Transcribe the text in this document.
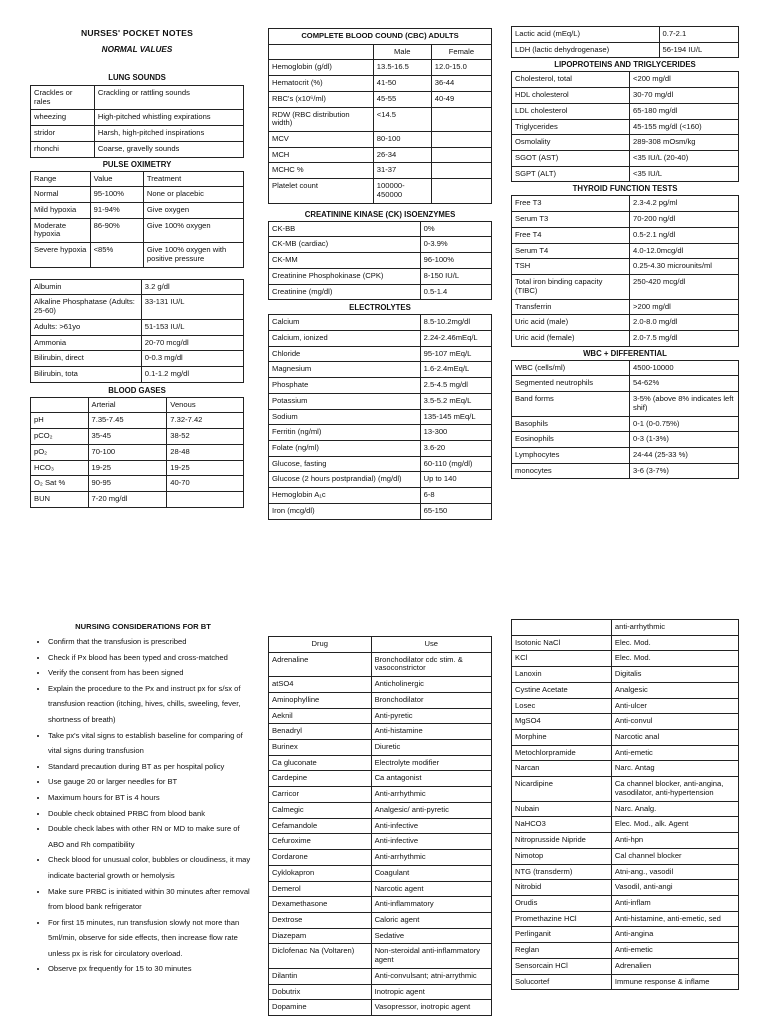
NURSES' POCKET NOTES
NORMAL VALUES
LUNG SOUNDS
Crackles or rales	Crackling or rattling sounds
wheezing	High-pitched whistling expirations
stridor	Harsh, high-pitched inspirations
rhonchi	Coarse, gravelly sounds
PULSE OXIMETRY
Range	Value	Treatment
Normal	95-100%	None or placebic
Mild hypoxia	91-94%	Give oxygen
Moderate hypoxia	86-90%	Give 100% oxygen
Severe hypoxia	<85%	Give 100% oxygen with positive pressure
Albumin	3.2 g/dl
Alkaline Phosphatase (Adults: 25-60)	33-131 IU/L
Adults: >61yo	51-153 IU/L
Ammonia	20-70 mcg/dl
Bilirubin, direct	0-0.3 mg/dl
Bilirubin, tota	0.1-1.2 mg/dl
BLOOD GASES
	Arterial	Venous
pH	7.35-7.45	7.32-7.42
pCO₂	35-45	38-52
pO₂	70-100	28-48
HCO₃	19-25	19-25
O₂ Sat %	90-95	40-70
BUN	7-20 mg/dl	
COMPLETE BLOOD COUND (CBC) ADULTS		
	Male	Female
Hemoglobin (g/dl)	13.5-16.5	12.0-15.0
Hematocrit (%)	41-50	36-44
RBC's (x10⁶/ml)	45-55	40-49
RDW (RBC distribution width)	<14.5	
MCV	80-100	
MCH	26-34	
MCHC %	31-37	
Platelet count	100000-450000	
CREATININE KINASE (CK) ISOENZYMES
CK-BB	0%
CK-MB (cardiac)	0-3.9%
CK-MM	96-100%
Creatinine Phosphokinase (CPK)	8-150 IU/L
Creatinine (mg/dl)	0.5-1.4
ELECTROLYTES
Calcium	8.5-10.2mg/dl
Calcium, ionized	2.24-2.46mEq/L
Chloride	95-107 mEq/L
Magnesium	1.6-2.4mEq/L
Phosphate	2.5-4.5 mg/dl
Potassium	3.5-5.2 mEq/L
Sodium	135-145 mEq/L
Ferritin (ng/ml)	13-300
Folate (ng/ml)	3.6-20
Glucose, fasting	60-110 (mg/dl)
Glucose (2 hours postprandial) (mg/dl)	Up to 140
Hemoglobin A₁c	6-8
Iron (mcg/dl)	65-150
Lactic acid (mEq/L)	0.7-2.1
LDH (lactic dehydrogenase)	56-194 IU/L
LIPOPROTEINS AND TRIGLYCERIDES
Cholesterol, total	<200 mg/dl
HDL cholesterol	30-70 mg/dl
LDL cholesterol	65-180 mg/dl
Triglycerides	45-155 mg/dl (<160)
Osmolality	289-308 mOsm/kg
SGOT (AST)	<35 IU/L (20-40)
SGPT (ALT)	<35 IU/L
THYROID FUNCTION TESTS
Free T3	2.3-4.2 pg/ml
Serum T3	70-200 ng/dl
Free T4	0.5-2.1 ng/dl
Serum T4	4.0-12.0mcg/dl
TSH	0.25-4.30 microunits/ml
Total iron binding capacity (TIBC)	250-420 mcg/dl
Transferrin	>200 mg/dl
Uric acid (male)	2.0-8.0 mg/dl
Uric acid (female)	2.0-7.5 mg/dl
WBC + DIFFERENTIAL
WBC (cells/ml)	4500-10000
Segmented neutrophils	54-62%
Band forms	3-5% (above 8% indicates left shif)
Basophils	0-1 (0-0.75%)
Eosinophils	0-3 (1-3%)
Lymphocytes	24-44 (25-33 %)
monocytes	3-6 (3-7%)
NURSING CONSIDERATIONS FOR BT
• Confirm that the transfusion is prescribed
• Check if Px blood has been typed and cross-matched
• Verify the consent from has been signed
• Explain the procedure to the Px and instruct px for s/sx of transfusion reaction (itching, hives, chills, sweeling, fever, shortness of breath)
• Take px's vital signs to establish baseline for comparing of vital signs during transfusion
• Standard precaution during BT as per hospital policy
• Use gauge 20 or larger needles for BT
• Maximum hours for BT is 4 hours
• Double check obtained PRBC from blood bank
• Double check labes with other RN or MD to make sure of ABO and Rh compatibility
• Check blood for unusual color, bubbles or cloudiness, it may indicate bacterial growth or hemolysis
• Make sure PRBC is initiated within 30 minutes after removal from blood bank refrigerator
• For first 15 minutes, run transfusion slowly not more than 5ml/min, observe for side effects, then increase flow rate unless px is risk for circulatory overload.
• Observe px frequently for 15 to 30 minutes
Drug	Use
Adrenaline	Bronchodilator cdc stim. & vasoconstrictor
atSO4	Anticholinergic
Aminophylline	Bronchodilator
Aeknil	Anti-pyretic
Benadryl	Anti-histamine
Burinex	Diuretic
Ca gluconate	Electrolyte modifier
Cardepine	Ca antagonist
Carricor	Anti-arrhythmic
Calmegic	Analgesic/ anti-pyretic
Cefamandole	Anti-infective
Cefuroxime	Anti-infective
Cordarone	Anti-arrhythmic
Cyklokapron	Coagulant
Demerol	Narcotic agent
Dexamethasone	Anti-inflammatory
Dextrose	Caloric agent
Diazepam	Sedative
Diclofenac Na (Voltaren)	Non-steroidal anti-inflammatory agent
Dilantin	Anti-convulsant; atni-arrythmic
Dobutrix	Inotropic agent
Dopamine	Vasopressor, inotropic agent
	anti-arrhythmic
Isotonic NaCl	Elec. Mod.
KCl	Elec. Mod.
Lanoxin	Digitalis
Cystine Acetate	Analgesic
Losec	Anti-ulcer
MgSO4	Anti-convul
Morphine	Narcotic anal
Metochlorpramide	Anti-emetic
Narcan	Narc. Antag
Nicardipine	Ca channel blocker, anti-angina, vasodilator, anti-hypertension
Nubain	Narc. Analg.
NaHCO3	Elec. Mod., alk. Agent
Nitroprusside Nipride	Anti-hpn
Nimotop	Cal channel blocker
NTG (transderm)	Atni-ang., vasodil
Nitrobid	Vasodil, anti-angi
Orudis	Anti-inflam
Promethazine HCl	Anti-histamine, anti-emetic, sed
Perlinganit	Anti-angina
Reglan	Anti-emetic
Sensorcain HCl	Adrenalien
Solucortef	Immune response & inflame
